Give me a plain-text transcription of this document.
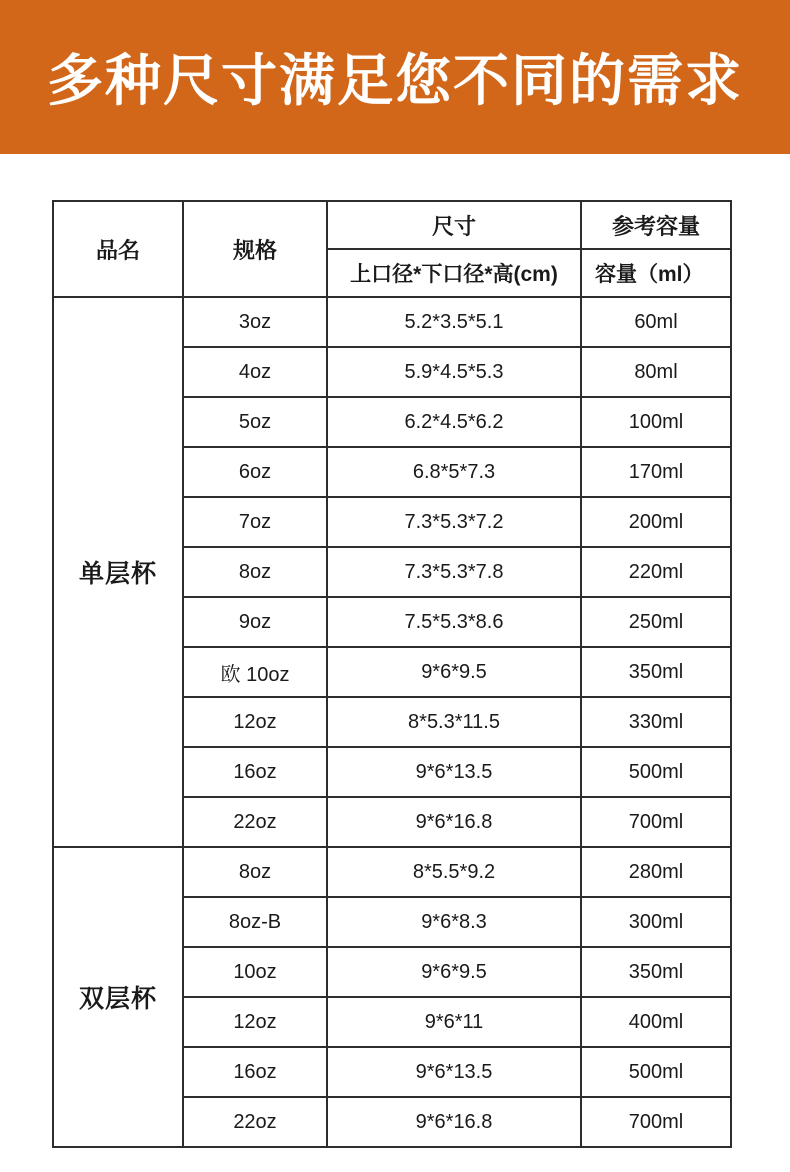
多种尺寸满足您不同的需求
品名	规格	尺寸	参考容量
		上口径*下口径*高(cm)	容量（ml）
单层杯	3oz	5.2*3.5*5.1	60ml
	4oz	5.9*4.5*5.3	80ml
	5oz	6.2*4.5*6.2	100ml
	6oz	6.8*5*7.3	170ml
	7oz	7.3*5.3*7.2	200ml
	8oz	7.3*5.3*7.8	220ml
	9oz	7.5*5.3*8.6	250ml
	欧 10oz	9*6*9.5	350ml
	12oz	8*5.3*11.5	330ml
	16oz	9*6*13.5	500ml
	22oz	9*6*16.8	700ml
双层杯	8oz	8*5.5*9.2	280ml
	8oz-B	9*6*8.3	300ml
	10oz	9*6*9.5	350ml
	12oz	9*6*11	400ml
	16oz	9*6*13.5	500ml
	22oz	9*6*16.8	700ml
